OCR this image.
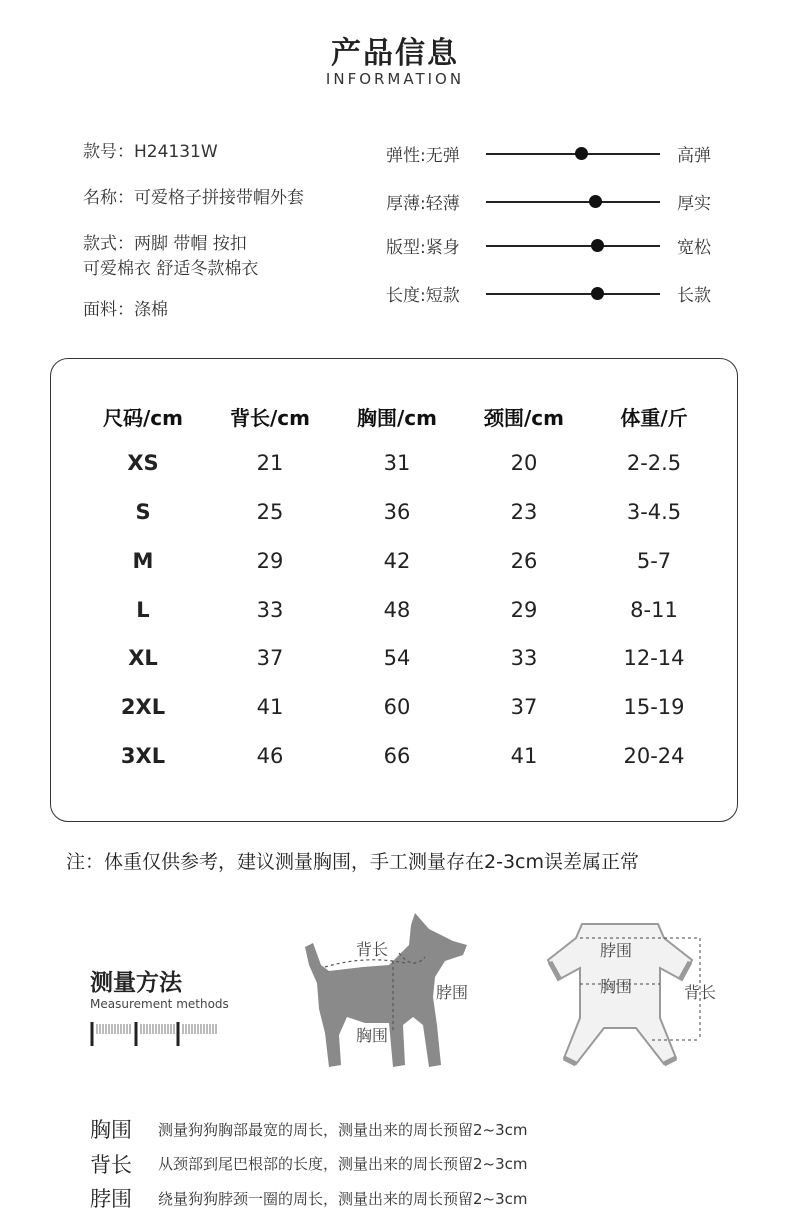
产品信息
INFORMATION
款号：H24131W
名称：可爱格子拼接带帽外套
款式：两脚 带帽 按扣
可爱棉衣 舒适冬款棉衣
面料：涤棉
弹性:无弹	高弹
厚薄:轻薄	厚实
版型:紧身	宽松
长度:短款	长款
尺码/cm	背长/cm	胸围/cm	颈围/cm	体重/斤
XS	21	31	20	2-2.5
S	25	36	23	3-4.5
M	29	42	26	5-7
L	33	48	29	8-11
XL	37	54	33	12-14
2XL	41	60	37	15-19
3XL	46	66	41	20-24
注：体重仅供参考，建议测量胸围，手工测量存在2-3cm误差属正常
测量方法
Measurement methods
背长
脖围
胸围
脖围
胸围	背长
胸围 测量狗狗胸部最宽的周长，测量出来的周长预留2~3cm
背长 从颈部到尾巴根部的长度，测量出来的周长预留2~3cm
脖围 绕量狗狗脖颈一圈的周长，测量出来的周长预留2~3cm
